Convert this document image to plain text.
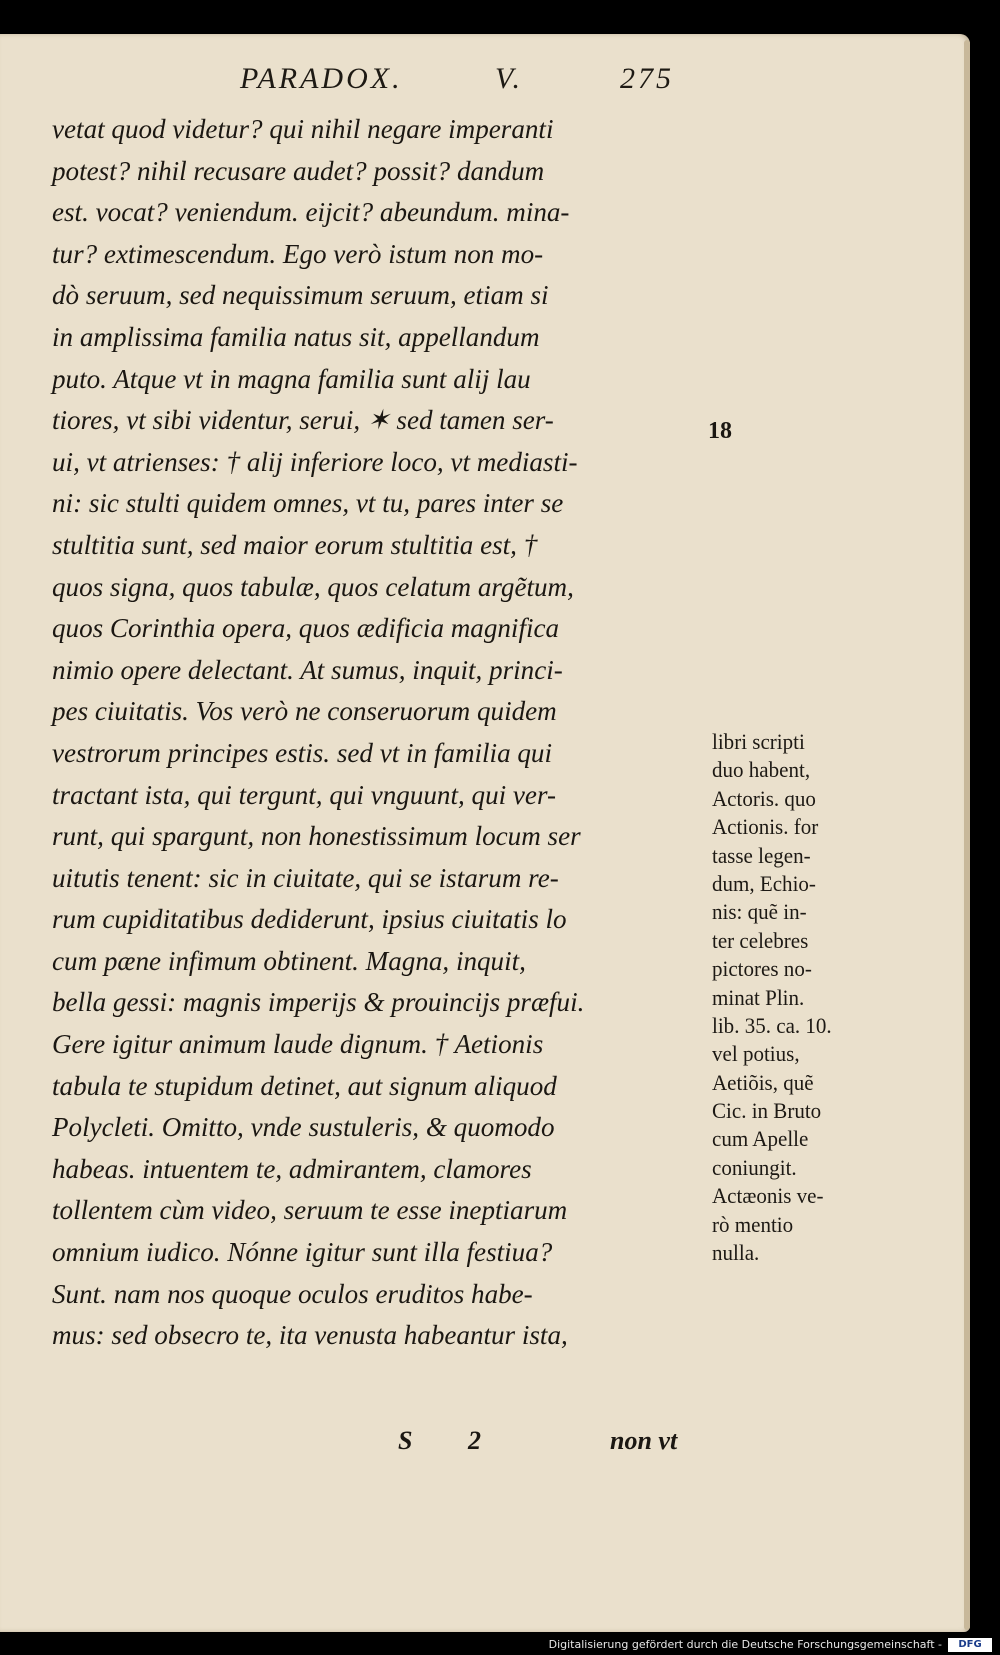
PARADOX.	V.	275
vetat quod videtur? qui nihil negare imperanti
potest? nihil recusare audet? possit? dandum
est. vocat? veniendum. eijcit? abeundum. mina-
tur? extimescendum. Ego verò istum non mo-
dò seruum, sed nequissimum seruum, etiam si
in amplissima familia natus sit, appellandum
puto. Atque vt in magna familia sunt alij lau
tiores, vt sibi videntur, serui, ✶ sed tamen ser-
ui, vt atrienses: † alij inferiore loco, vt mediasti-
ni: sic stulti quidem omnes, vt tu, pares inter se
stultitia sunt, sed maior eorum stultitia est, †
quos signa, quos tabulæ, quos celatum argẽtum,
quos Corinthia opera, quos ædificia magnifica
nimio opere delectant. At sumus, inquit, princi-
pes ciuitatis. Vos verò ne conseruorum quidem
vestrorum principes estis. sed vt in familia qui
tractant ista, qui tergunt, qui vnguunt, qui ver-
runt, qui spargunt, non honestissimum locum ser
uitutis tenent: sic in ciuitate, qui se istarum re-
rum cupiditatibus dediderunt, ipsius ciuitatis lo
cum pæne infimum obtinent. Magna, inquit,
bella gessi: magnis imperijs & prouincijs præfui.
Gere igitur animum laude dignum. † Aetionis
tabula te stupidum detinet, aut signum aliquod
Polycleti. Omitto, vnde sustuleris, & quomodo
habeas. intuentem te, admirantem, clamores
tollentem cùm video, seruum te esse ineptiarum
omnium iudico. Nónne igitur sunt illa festiua?
Sunt. nam nos quoque oculos eruditos habe-
mus: sed obsecro te, ita venusta habeantur ista,
18
libri scripti
duo habent,
Actoris. quo
Actionis. for
tasse legen-
dum, Echio-
nis: quẽ in-
ter celebres
pictores no-
minat Plin.
lib. 35. ca. 10.
vel potius,
Aetiõis, quẽ
Cic. in Bruto
cum Apelle
coniungit.
Actæonis ve-
rò mentio
nulla.
S 2	non vt
Digitalisierung gefördert durch die Deutsche Forschungsgemeinschaft -	DFG
